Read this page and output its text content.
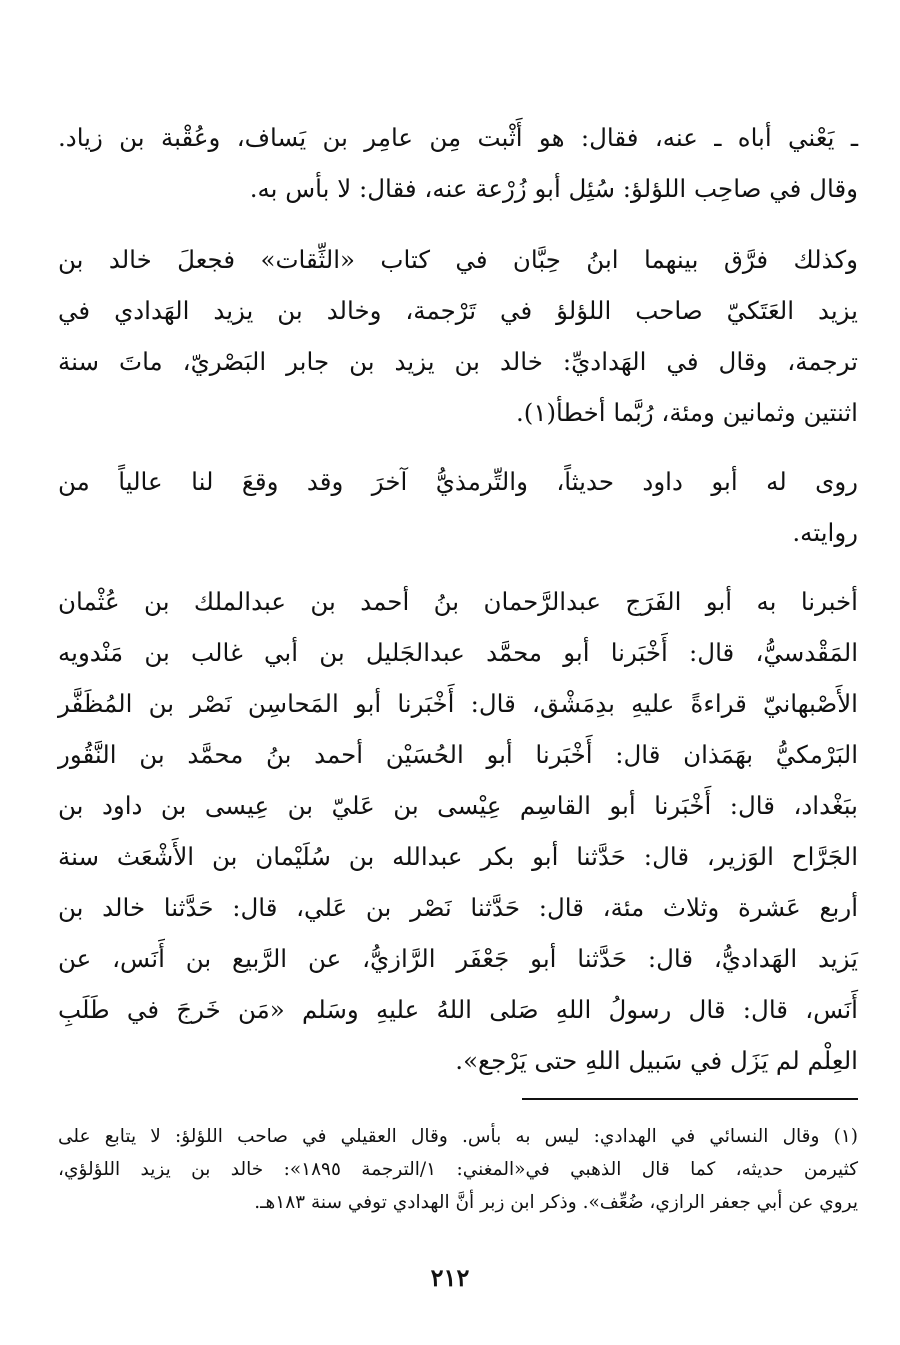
ـ يَعْني أباه ـ عنه، فقال: هو أَثْبت مِن عامِر بن يَساف، وعُقْبة بن زياد.
وقال في صاحِب اللؤلؤ: سُئِل أبو زُرْعة عنه، فقال: لا بأس به.

وكذلك فرَّق بينهما ابنُ حِبَّان في كتاب «الثِّقات» فجعلَ خالد بن
يزيد العَتَكيّ صاحب اللؤلؤ في تَرْجمة، وخالد بن يزيد الهَدادي في
ترجمة، وقال في الهَداديِّ: خالد بن يزيد بن جابر البَصْريّ، ماتَ سنة
اثنتين وثمانين ومئة، رُبَّما أخطأ(١).

روى له أبو داود حديثاً، والتِّرمذيُّ آخرَ وقد وقعَ لنا عالياً من
روايته.

أخبرنا به أبو الفَرَج عبدالرَّحمان بنُ أحمد بن عبدالملك بن عُثْمان
المَقْدسيُّ، قال: أَخْبَرنا أبو محمَّد عبدالجَليل بن أبي غالب بن مَنْدويه
الأَصْبهانيّ قراءةً عليهِ بدِمَشْق، قال: أَخْبَرنا أبو المَحاسِن نَصْر بن المُظَفَّر
البَرْمكيُّ بهَمَذان قال: أَخْبَرنا أبو الحُسَيْن أحمد بنُ محمَّد بن النَّقُور
ببَغْداد، قال: أَخْبَرنا أبو القاسِم عِيْسى بن عَليّ بن عِيسى بن داود بن
الجَرَّاح الوَزير، قال: حَدَّثنا أبو بكر عبدالله بن سُلَيْمان بن الأَشْعَث سنة
أربع عَشرة وثلاث مئة، قال: حَدَّثنا نَصْر بن عَلي، قال: حَدَّثنا خالد بن
يَزيد الهَداديُّ، قال: حَدَّثنا أبو جَعْفَر الرَّازيُّ، عن الرَّبيع بن أَنَس، عن
أَنَس، قال: قال رسولُ اللهِ صَلى اللهُ عليهِ وسَلم «مَن خَرجَ في طَلَبِ
العِلْم لم يَزَل في سَبيل اللهِ حتى يَرْجع».

(١) وقال النسائي في الهدادي: ليس به بأس. وقال العقيلي في صاحب اللؤلؤ: لا يتابع على
كثيرمن حديثه، كما قال الذهبي في«المغني: ١/الترجمة ١٨٩٥»: خالد بن يزيد اللؤلؤي،
يروي عن أبي جعفر الرازي، ضُعِّف». وذكر ابن زبر أنَّ الهدادي توفي سنة ١٨٣هـ.
٢١٢
